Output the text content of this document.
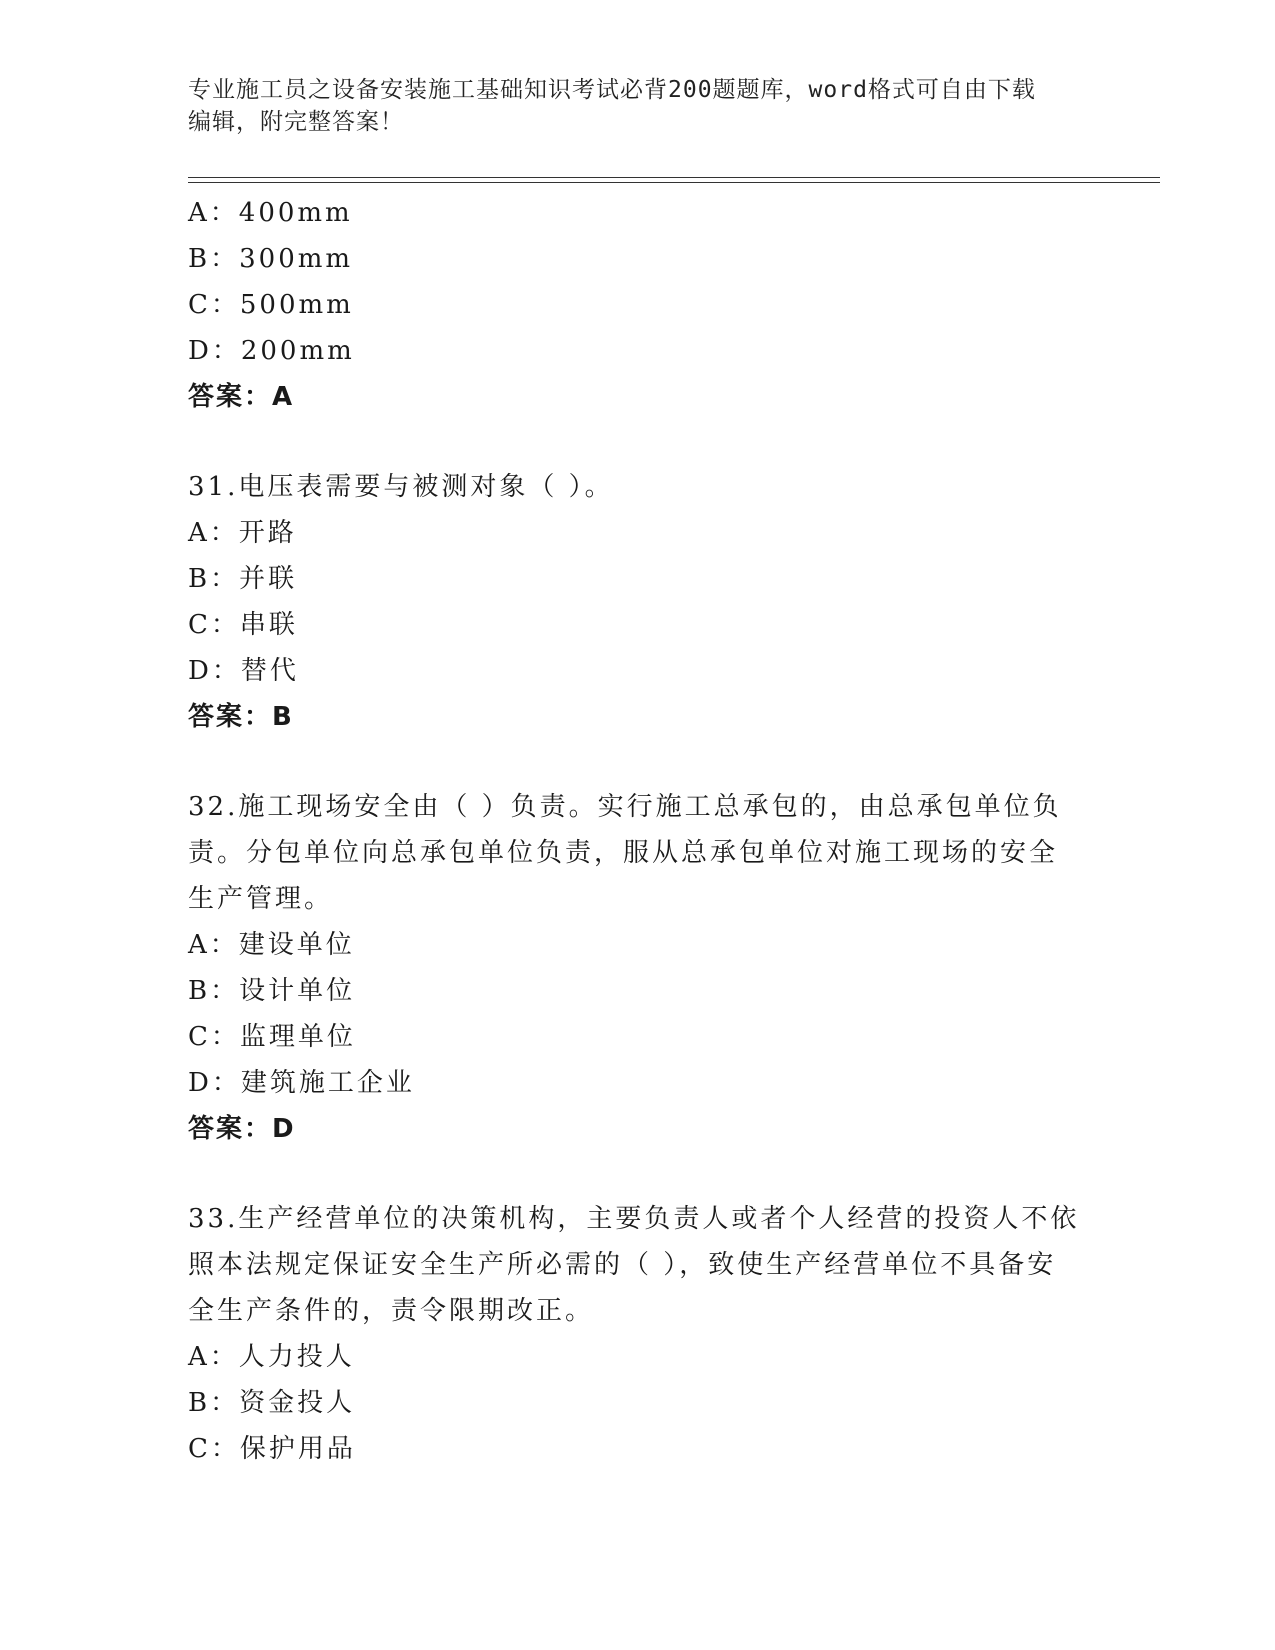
专业施工员之设备安装施工基础知识考试必背200题题库，word格式可自由下载
编辑，附完整答案！
A：400mm
B：300mm
C：500mm
D：200mm
答案：A
31.电压表需要与被测对象（ ）。
A：开路
B：并联
C：串联
D：替代
答案：B
32.施工现场安全由（ ）负责。实行施工总承包的，由总承包单位负
责。分包单位向总承包单位负责，服从总承包单位对施工现场的安全
生产管理。
A：建设单位
B：设计单位
C：监理单位
D：建筑施工企业
答案：D
33.生产经营单位的决策机构，主要负责人或者个人经营的投资人不依
照本法规定保证安全生产所必需的（ ），致使生产经营单位不具备安
全生产条件的，责令限期改正。
A：人力投人
B：资金投人
C：保护用品
